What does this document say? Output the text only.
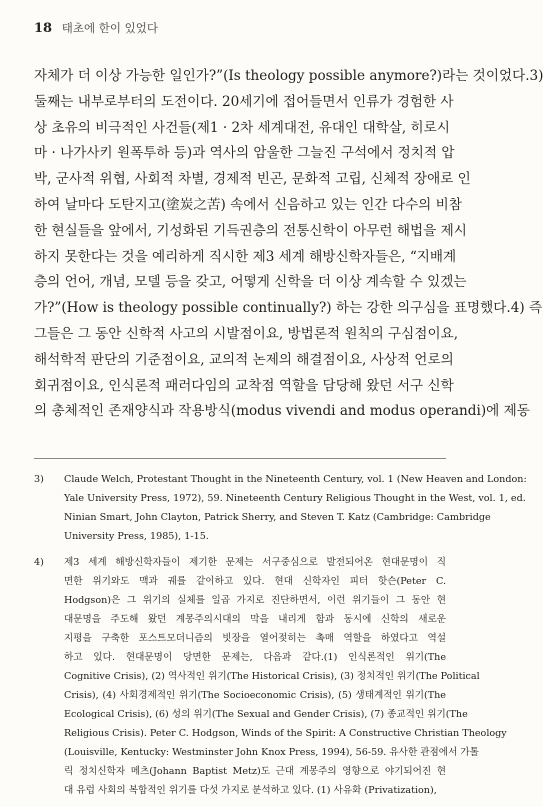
18 태초에 한이 있었다
자체가 더 이상 가능한 일인가?”(Is theology possible anymore?)라는 것이었다.3)
둘째는 내부로부터의 도전이다. 20세기에 접어들면서 인류가 경험한 사
상 초유의 비극적인 사건들(제1 · 2차 세계대전, 유대인 대학살, 히로시
마 · 나가사키 원폭투하 등)과 역사의 암울한 그늘진 구석에서 정치적 압
박, 군사적 위협, 사회적 차별, 경제적 빈곤, 문화적 고립, 신체적 장애로 인
하여 날마다 도탄지고(塗炭之苦) 속에서 신음하고 있는 인간 다수의 비참
한 현실들을 앞에서, 기성화된 기득권층의 전통신학이 아무런 해법을 제시
하지 못한다는 것을 예리하게 직시한 제3 세계 해방신학자들은, “지배계
층의 언어, 개념, 모델 등을 갖고, 어떻게 신학을 더 이상 계속할 수 있겠는
가?”(How is theology possible continually?) 하는 강한 의구심을 표명했다.4) 즉
그들은 그 동안 신학적 사고의 시발점이요, 방법론적 원칙의 구심점이요,
해석학적 판단의 기준점이요, 교의적 논제의 해결점이요, 사상적 언로의
회귀점이요, 인식론적 패러다임의 교착점 역할을 담당해 왔던 서구 신학
의 총체적인 존재양식과 작용방식(modus vivendi and modus operandi)에 제동
3) Claude Welch, Protestant Thought in the Nineteenth Century, vol. 1 (New Heaven and London:
Yale University Press, 1972), 59. Nineteenth Century Religious Thought in the West, vol. 1, ed.
Ninian Smart, John Clayton, Patrick Sherry, and Steven T. Katz (Cambridge: Cambridge
University Press, 1985), 1-15.
4) 제3 세계 해방신학자들이 제기한 문제는 서구중심으로 발전되어온 현대문명이 직
면한 위기와도 맥과 궤를 같이하고 있다. 현대 신학자인 피터 핫슨(Peter C.
Hodgson)은 그 위기의 실체를 일곱 가지로 진단하면서, 이런 위기들이 그 동안 현
대문명을 주도해 왔던 계몽주의시대의 막을 내리게 함과 동시에 신학의 새로운
지평을 구축한 포스트모더니즘의 빗장을 열어젖히는 촉매 역할을 하였다고 역설
하고 있다. 현대문명이 당면한 문제는, 다음과 같다.(1) 인식론적인 위기(The
Cognitive Crisis), (2) 역사적인 위기(The Historical Crisis), (3) 정치적인 위기(The Political
Crisis), (4) 사회경제적인 위기(The Socioeconomic Crisis), (5) 생태계적인 위기(The
Ecological Crisis), (6) 성의 위기(The Sexual and Gender Crisis), (7) 종교적인 위기(The
Religious Crisis). Peter C. Hodgson, Winds of the Spirit: A Constructive Christian Theology
(Louisville, Kentucky: Westminster John Knox Press, 1994), 56-59. 유사한 관점에서 가톨
릭 정치신학자 메츠(Johann Baptist Metz)도 근대 계몽주의 영향으로 야기되어진 현
대 유럽 사회의 복합적인 위기를 다섯 가지로 분석하고 있다. (1) 사유화 (Privatization),
